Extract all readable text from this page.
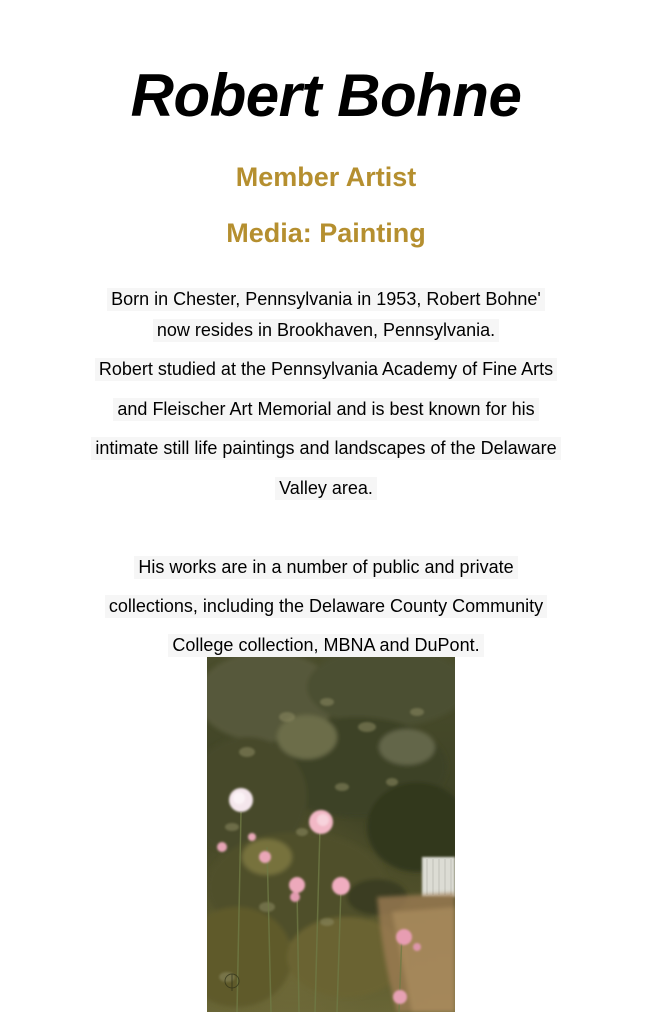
Robert Bohne
Member Artist
Media: Painting
Born in Chester, Pennsylvania in 1953, Robert Bohne'
now resides in Brookhaven, Pennsylvania.
Robert studied at the Pennsylvania Academy of Fine Arts
and Fleischer Art Memorial and is best known for his
intimate still life paintings and landscapes of the Delaware
Valley area.
His works are in a number of public and private
collections, including the Delaware County Community
College collection, MBNA and DuPont.
